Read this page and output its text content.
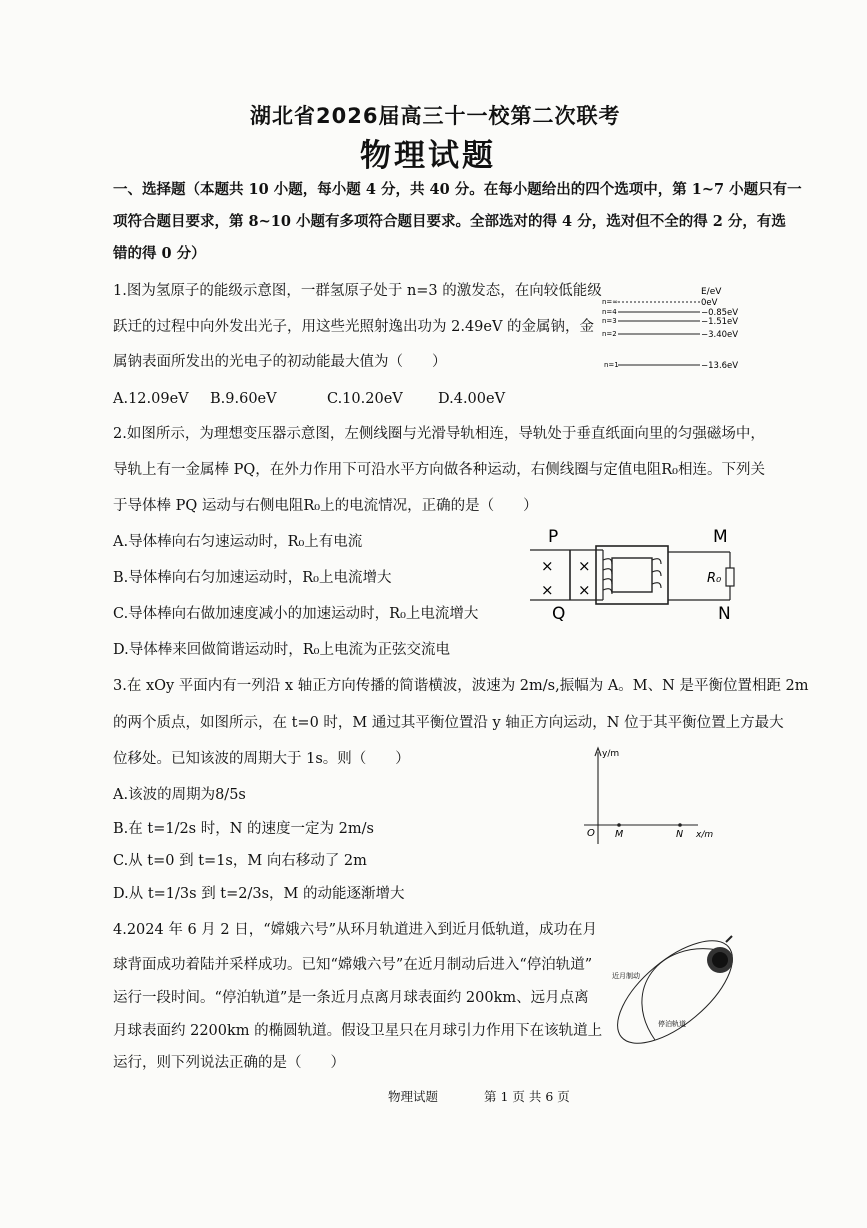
湖北省2026届高三十一校第二次联考
物理试题
一、选择题（本题共 10 小题，每小题 4 分，共 40 分。在每小题给出的四个选项中，第 1~7 小题只有一
项符合题目要求，第 8~10 小题有多项符合题目要求。全部选对的得 4 分，选对但不全的得 2 分，有选
错的得 0 分）
1.图为氢原子的能级示意图，一群氢原子处于 n=3 的激发态，在向较低能级
跃迁的过程中向外发出光子，用这些光照射逸出功为 2.49eV 的金属钠，金
属钠表面所发出的光电子的初动能最大值为（　　）
A.12.09eV B.9.60eV	C.10.20eV D.4.00eV
E/eV
n=∞
n=4
n=3
n=2
n=1
0eV
−0.85eV
−1.51eV
−3.40eV
−13.6eV
2.如图所示，为理想变压器示意图，左侧线圈与光滑导轨相连，导轨处于垂直纸面向里的匀强磁场中，
导轨上有一金属棒 PQ，在外力作用下可沿水平方向做各种运动，右侧线圈与定值电阻R₀相连。下列关
于导体棒 PQ 运动与右侧电阻R₀上的电流情况，正确的是（　　）
A.导体棒向右匀速运动时，R₀上有电流
B.导体棒向右匀加速运动时，R₀上电流增大
C.导体棒向右做加速度减小的加速运动时，R₀上电流增大
D.导体棒来回做简谐运动时，R₀上电流为正弦交流电
P
Q
M
N
×
×
×
×
R₀
3.在 xOy 平面内有一列沿 x 轴正方向传播的简谐横波，波速为 2m/s,振幅为 A。M、N 是平衡位置相距 2m
的两个质点，如图所示，在 t=0 时，M 通过其平衡位置沿 y 轴正方向运动，N 位于其平衡位置上方最大
位移处。已知该波的周期大于 1s。则（　　）
A.该波的周期为8/5s
B.在 t=1/2s 时，N 的速度一定为 2m/s
C.从 t=0 到 t=1s，M 向右移动了 2m
D.从 t=1/3s 到 t=2/3s，M 的动能逐渐增大
y/m
x/m
O M	N
4.2024 年 6 月 2 日，“嫦娥六号”从环月轨道进入到近月低轨道，成功在月
球背面成功着陆并采样成功。已知“嫦娥六号”在近月制动后进入“停泊轨道”
运行一段时间。“停泊轨道”是一条近月点离月球表面约 200km、远月点离
月球表面约 2200km 的椭圆轨道。假设卫星只在月球引力作用下在该轨道上
运行，则下列说法正确的是（　　）
近月制动
停泊轨道
物理试题	第 1 页 共 6 页
